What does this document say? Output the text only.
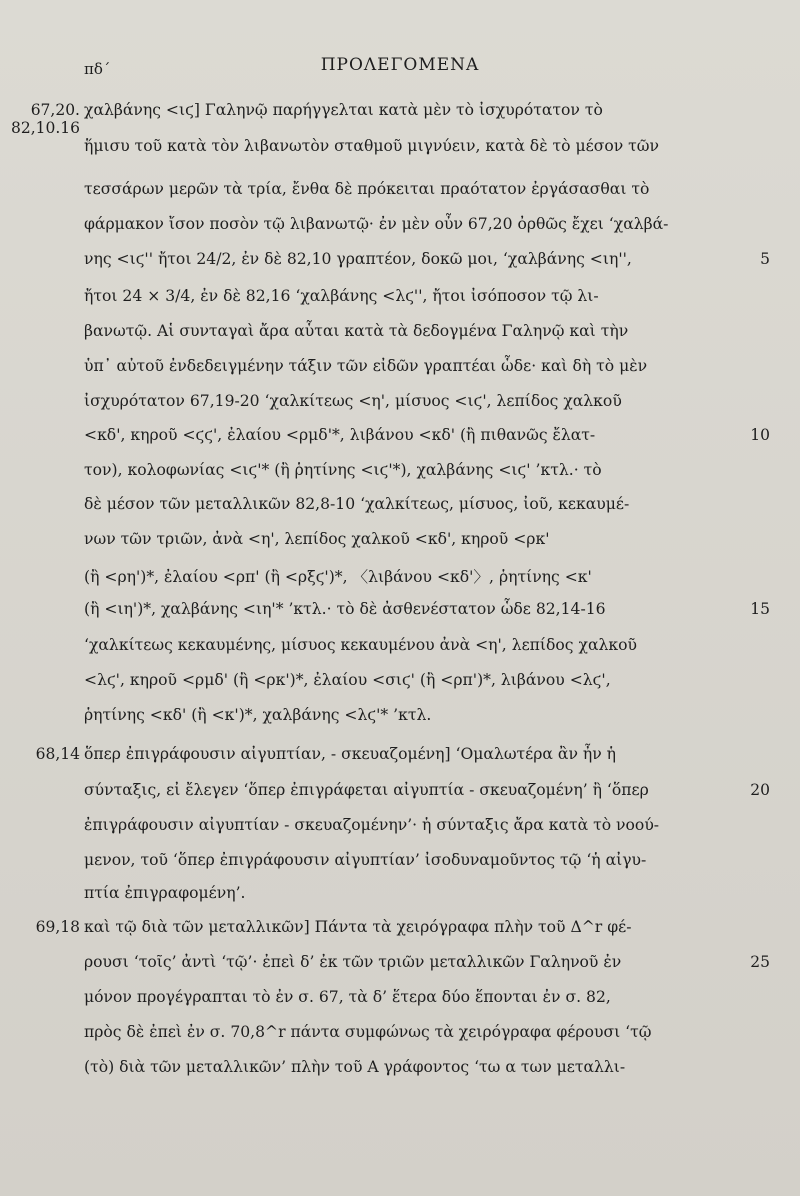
πδ΄	ΠΡΟΛΕΓΟΜΕΝΑ
67,20.
82,10.16
68,14
69,18
χαλβάνης <ιϛ] Γαληνῷ παρήγγελται κατὰ μὲν τὸ ἰσχυρότατον τὸ
ἥμισυ τοῦ κατὰ τὸν λιβανωτὸν σταθμοῦ μιγνύειν, κατὰ δὲ τὸ μέσον τῶν
τεσσάρων μερῶν τὰ τρία, ἔνθα δὲ πρόκειται πραότατον ἐργάσασθαι τὸ
φάρμακον ἴσον ποσὸν τῷ λιβανωτῷ· ἐν μὲν οὖν 67,20 ὀρθῶς ἔχει ‘χαλβά-
νης <ιϛ'' ἤτοι 24/2, ἐν δὲ 82,10 γραπτέον, δοκῶ μοι, ‘χαλβάνης <ιη'',
ἤτοι 24 × 3/4, ἐν δὲ 82,16 ‘χαλβάνης <λϛ'', ἤτοι ἰσόποσον τῷ λι-
βανωτῷ. Αἱ συνταγαὶ ἄρα αὗται κατὰ τὰ δεδογμένα Γαληνῷ καὶ τὴν
ὑπ᾽ αὐτοῦ ἐνδεδειγμένην τάξιν τῶν εἰδῶν γραπτέαι ὧδε· καὶ δὴ τὸ μὲν
ἰσχυρότατον 67,19-20 ‘χαλκίτεως <η', μίσυος <ιϛ', λεπίδος χαλκοῦ
<κδ', κηροῦ <ϛϛ', ἐλαίου <ρμδ'*, λιβάνου <κδ' (ἢ πιθανῶς ἔλατ-
τον), κολοφωνίας <ιϛ'* (ἢ ῥητίνης <ιϛ'*), χαλβάνης <ιϛ' ’κτλ.· τὸ
δὲ μέσον τῶν μεταλλικῶν 82,8-10 ‘χαλκίτεως, μίσυος, ἰοῦ, κεκαυμέ-
νων τῶν τριῶν, ἀνὰ <η', λεπίδος χαλκοῦ <κδ', κηροῦ <ρκ'
(ἢ <ρη')*, ἐλαίου <ρπ' (ἢ <ρξϛ')*, 〈λιβάνου <κδ'〉, ῥητίνης <κ'
(ἢ <ιη')*, χαλβάνης <ιη'* ’κτλ.· τὸ δὲ ἀσθενέστατον ὧδε 82,14-16
‘χαλκίτεως κεκαυμένης, μίσυος κεκαυμένου ἀνὰ <η', λεπίδος χαλκοῦ
<λϛ', κηροῦ <ρμδ' (ἢ <ρκ')*, ἐλαίου <σιϛ' (ἢ <ρπ')*, λιβάνου <λϛ',
ῥητίνης <κδ' (ἢ <κ')*, χαλβάνης <λϛ'* ’κτλ.
ὅπερ ἐπιγράφουσιν αἰγυπτίαν, - σκευαζομένη] ‘Ομαλωτέρα ἂν ἦν ἡ
σύνταξις, εἰ ἔλεγεν ‘ὅπερ ἐπιγράφεται αἰγυπτία - σκευαζομένη’ ἢ ‘ὅπερ
ἐπιγράφουσιν αἰγυπτίαν - σκευαζομένην’· ἡ σύνταξις ἄρα κατὰ τὸ νοού-
μενον, τοῦ ‘ὅπερ ἐπιγράφουσιν αἰγυπτίαν’ ἰσοδυναμοῦντος τῷ ‘ἡ αἰγυ-
πτία ἐπιγραφομένη’.
καὶ τῷ διὰ τῶν μεταλλικῶν] Πάντα τὰ χειρόγραφα πλὴν τοῦ Δ^r φέ-
ρουσι ‘τοῖς’ ἀντὶ ‘τῷ’· ἐπεὶ δ’ ἐκ τῶν τριῶν μεταλλικῶν Γαληνοῦ ἐν
μόνον προγέγραπται τὸ ἐν σ. 67, τὰ δ’ ἕτερα δύο ἕπονται ἐν σ. 82,
πρὸς δὲ ἐπεὶ ἐν σ. 70,8^r πάντα συμφώνως τὰ χειρόγραφα φέρουσι ‘τῷ
(τὸ) διὰ τῶν μεταλλικῶν’ πλὴν τοῦ Α γράφοντος ‘τω α των μεταλλι-
5
10
15
20
25
